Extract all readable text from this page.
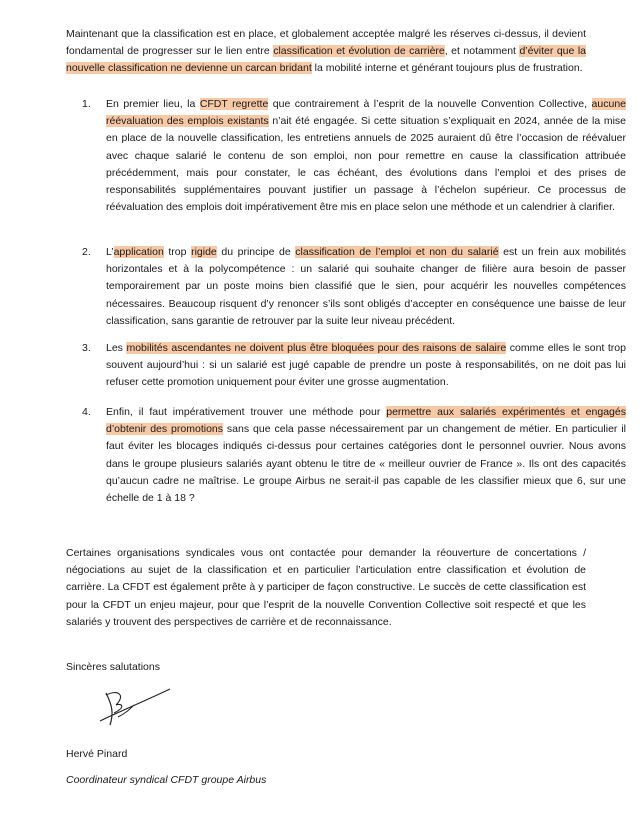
Maintenant que la classification est en place, et globalement acceptée malgré les réserves ci-dessus, il devient fondamental de progresser sur le lien entre classification et évolution de carrière, et notamment d’éviter que la nouvelle classification ne devienne un carcan bridant la mobilité interne et générant toujours plus de frustration.

1. En premier lieu, la CFDT regrette que contrairement à l’esprit de la nouvelle Convention Collective, aucune réévaluation des emplois existants n’ait été engagée. Si cette situation s’expliquait en 2024, année de la mise en place de la nouvelle classification, les entretiens annuels de 2025 auraient dû être l’occasion de réévaluer avec chaque salarié le contenu de son emploi, non pour remettre en cause la classification attribuée précédemment, mais pour constater, le cas échéant, des évolutions dans l’emploi et des prises de responsabilités supplémentaires pouvant justifier un passage à l’échelon supérieur. Ce processus de réévaluation des emplois doit impérativement être mis en place selon une méthode et un calendrier à clarifier.
2. L’application trop rigide du principe de classification de l’emploi et non du salarié est un frein aux mobilités horizontales et à la polycompétence : un salarié qui souhaite changer de filière aura besoin de passer temporairement par un poste moins bien classifié que le sien, pour acquérir les nouvelles compétences nécessaires. Beaucoup risquent d’y renoncer s’ils sont obligés d’accepter en conséquence une baisse de leur classification, sans garantie de retrouver par la suite leur niveau précédent.
3. Les mobilités ascendantes ne doivent plus être bloquées pour des raisons de salaire comme elles le sont trop souvent aujourd’hui : si un salarié est jugé capable de prendre un poste à responsabilités, on ne doit pas lui refuser cette promotion uniquement pour éviter une grosse augmentation.
4. Enfin, il faut impérativement trouver une méthode pour permettre aux salariés expérimentés et engagés d’obtenir des promotions sans que cela passe nécessairement par un changement de métier. En particulier il faut éviter les blocages indiqués ci-dessus pour certaines catégories dont le personnel ouvrier. Nous avons dans le groupe plusieurs salariés ayant obtenu le titre de « meilleur ouvrier de France ». Ils ont des capacités qu’aucun cadre ne maîtrise. Le groupe Airbus ne serait-il pas capable de les classifier mieux que 6, sur une échelle de 1 à 18 ?

Certaines organisations syndicales vous ont contactée pour demander la réouverture de concertations / négociations au sujet de la classification et en particulier l’articulation entre classification et évolution de carrière. La CFDT est également prête à y participer de façon constructive. Le succès de cette classification est pour la CFDT un enjeu majeur, pour que l’esprit de la nouvelle Convention Collective soit respecté et que les salariés y trouvent des perspectives de carrière et de reconnaissance.

Sincères salutations
Hervé Pinard
Coordinateur syndical CFDT groupe Airbus
